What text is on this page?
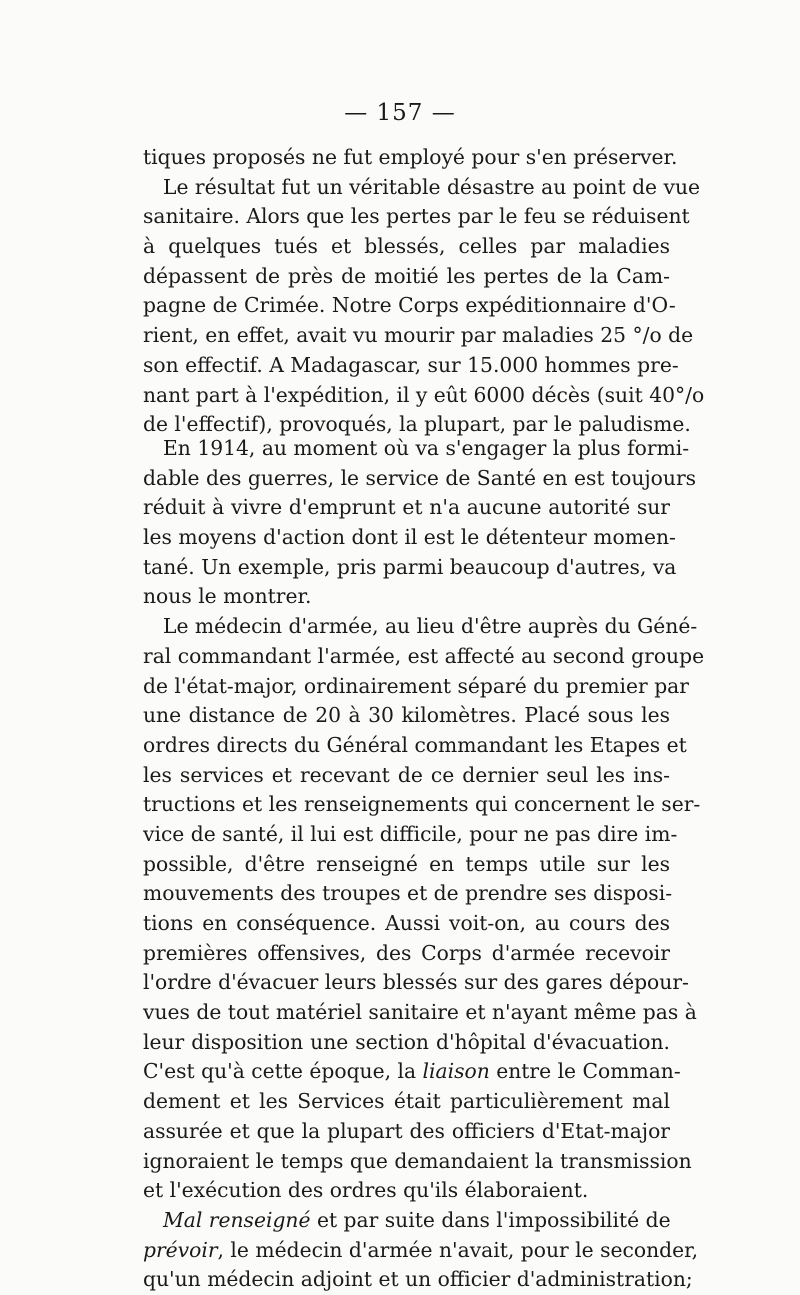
— 157 —
tiques proposés ne fut employé pour s'en préserver.
Le résultat fut un véritable désastre au point de vue
sanitaire. Alors que les pertes par le feu se réduisent
à quelques tués et blessés, celles par maladies
dépassent de près de moitié les pertes de la Cam-
pagne de Crimée. Notre Corps expéditionnaire d'O-
rient, en effet, avait vu mourir par maladies 25 °/o de
son effectif. A Madagascar, sur 15.000 hommes pre-
nant part à l'expédition, il y eût 6000 décès (suit 40°/o
de l'effectif), provoqués, la plupart, par le paludisme.
En 1914, au moment où va s'engager la plus formi-
dable des guerres, le service de Santé en est toujours
réduit à vivre d'emprunt et n'a aucune autorité sur
les moyens d'action dont il est le détenteur momen-
tané. Un exemple, pris parmi beaucoup d'autres, va
nous le montrer.
Le médecin d'armée, au lieu d'être auprès du Géné-
ral commandant l'armée, est affecté au second groupe
de l'état-major, ordinairement séparé du premier par
une distance de 20 à 30 kilomètres. Placé sous les
ordres directs du Général commandant les Etapes et
les services et recevant de ce dernier seul les ins-
tructions et les renseignements qui concernent le ser-
vice de santé, il lui est difficile, pour ne pas dire im-
possible, d'être renseigné en temps utile sur les
mouvements des troupes et de prendre ses disposi-
tions en conséquence. Aussi voit-on, au cours des
premières offensives, des Corps d'armée recevoir
l'ordre d'évacuer leurs blessés sur des gares dépour-
vues de tout matériel sanitaire et n'ayant même pas à
leur disposition une section d'hôpital d'évacuation.
C'est qu'à cette époque, la liaison entre le Comman-
dement et les Services était particulièrement mal
assurée et que la plupart des officiers d'Etat-major
ignoraient le temps que demandaient la transmission
et l'exécution des ordres qu'ils élaboraient.
Mal renseigné et par suite dans l'impossibilité de
prévoir, le médecin d'armée n'avait, pour le seconder,
qu'un médecin adjoint et un officier d'administration;
